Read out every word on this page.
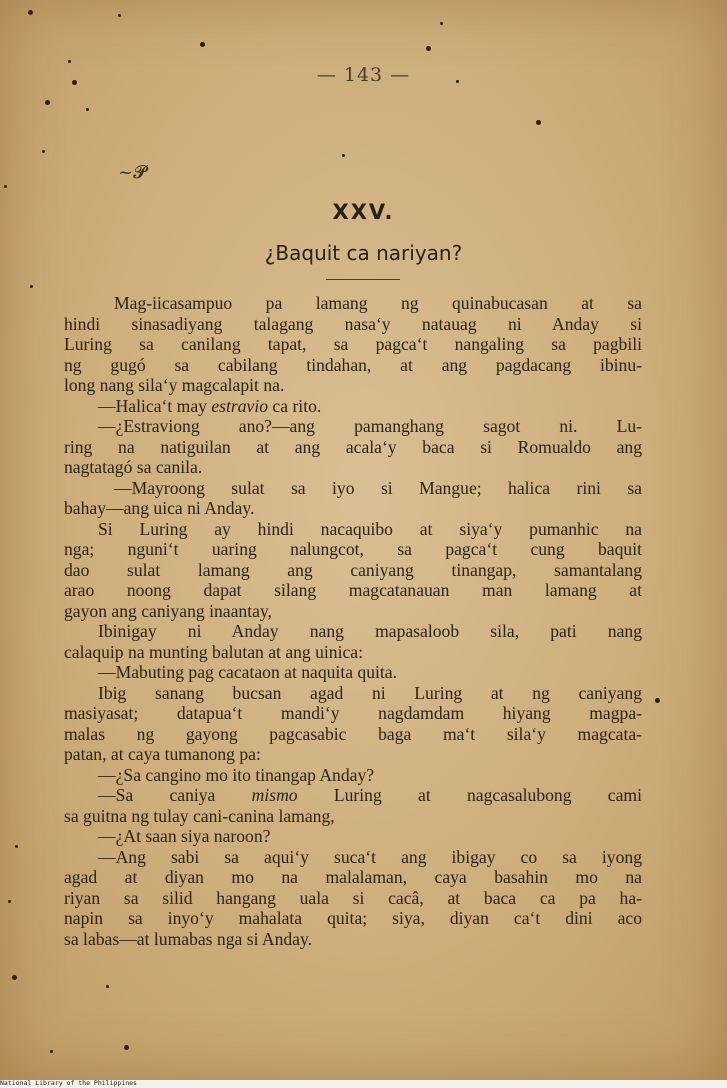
— 143 —
~𝓟
XXV.
¿Baquit ca nariyan?
Mag-iicasampuo pa lamang ng quinabucasan at sa
hindi sinasadiyang talagang nasa‘y natauag ni Anday si
Luring sa canilang tapat, sa pagca‘t nangaling sa pagbili
ng gugó sa cabilang tindahan, at ang pagdacang ibinu-
long nang sila‘y magcalapit na.
—Halica‘t may estravio ca rito.
—¿Estraviong ano?—ang pamanghang sagot ni. Lu-
ring na natiguilan at ang acala‘y baca si Romualdo ang
nagtatagó sa canila.
—Mayroong sulat sa iyo si Mangue; halica rini sa
bahay—ang uica ni Anday.
Si Luring ay hindi nacaquibo at siya‘y pumanhic na
nga; nguni‘t uaring nalungcot, sa pagca‘t cung baquit
dao sulat lamang ang caniyang tinangap, samantalang
arao noong dapat silang magcatanauan man lamang at
gayon ang caniyang inaantay,
Ibinigay ni Anday nang mapasaloob sila, pati nang
calaquip na munting balutan at ang uinica:
—Mabuting pag cacataon at naquita quita.
Ibig sanang bucsan agad ni Luring at ng caniyang
masiyasat; datapua‘t mandi‘y nagdamdam hiyang magpa-
malas ng gayong pagcasabic baga ma‘t sila‘y magcata-
patan, at caya tumanong pa:
—¿Sa cangino mo ito tinangap Anday?
—Sa caniya mismo Luring at nagcasalubong cami
sa guitna ng tulay cani-canina lamang,
—¿At saan siya naroon?
—Ang sabi sa aqui‘y suca‘t ang ibigay co sa iyong
agad at diyan mo na malalaman, caya basahin mo na
riyan sa silid hangang uala si cacâ, at baca ca pa ha-
napin sa inyo‘y mahalata quita; siya, diyan ca‘t dini aco
sa labas—at lumabas nga si Anday.
National Library of the Philippines
